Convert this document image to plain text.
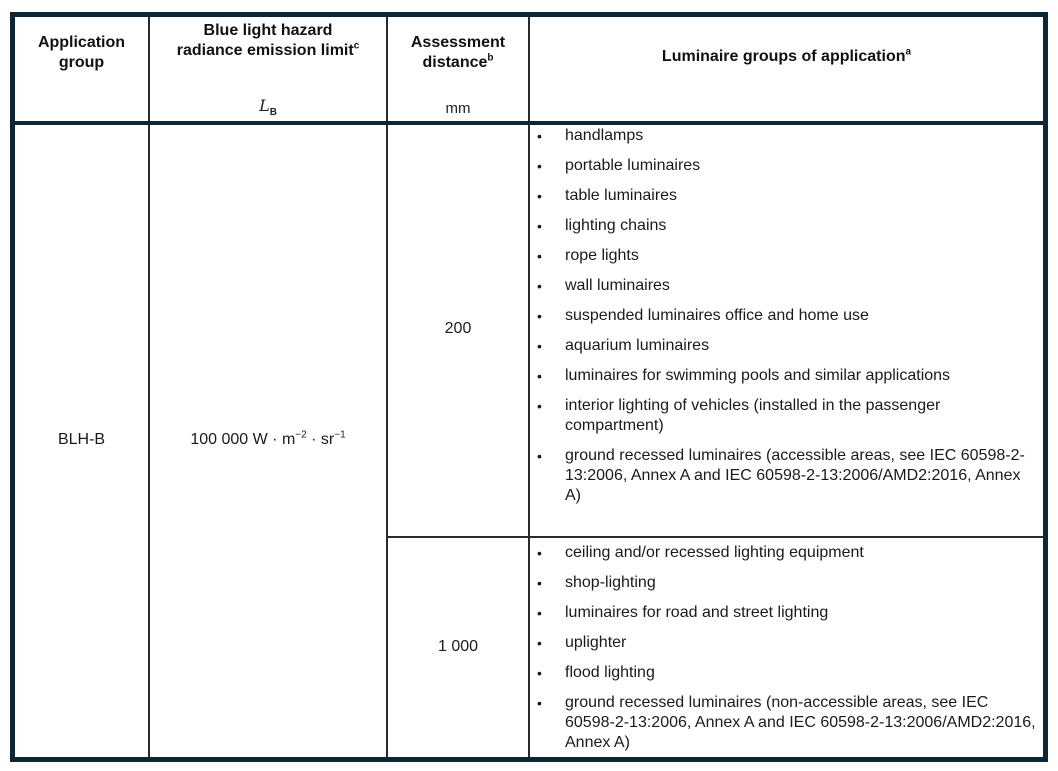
Application group
Blue light hazard radiance emission limit$^c$
$L_B$
Assessment distance$^b$
mm
Luminaire groups of application$^a$
BLH-B	100 000 $W \cdot m^{-2} \cdot sr^{-1}$
200
1 000
• handlamps
• portable luminaires
• table luminaires
• lighting chains
• rope lights
• wall luminaires
• suspended luminaires office and home use
• aquarium luminaires
• luminaires for swimming pools and similar applications
• interior lighting of vehicles (installed in the passenger compartment)
• ground recessed luminaires (accessible areas, see IEC 60598-2-13:2006, Annex A and IEC 60598-2-13:2006/AMD2:2016, Annex A)
• ceiling and/or recessed lighting equipment
• shop-lighting
• luminaires for road and street lighting
• uplighter
• flood lighting
• ground recessed luminaires (non-accessible areas, see IEC 60598-2-13:2006, Annex A and IEC 60598-2-13:2006/AMD2:2016, Annex A)
